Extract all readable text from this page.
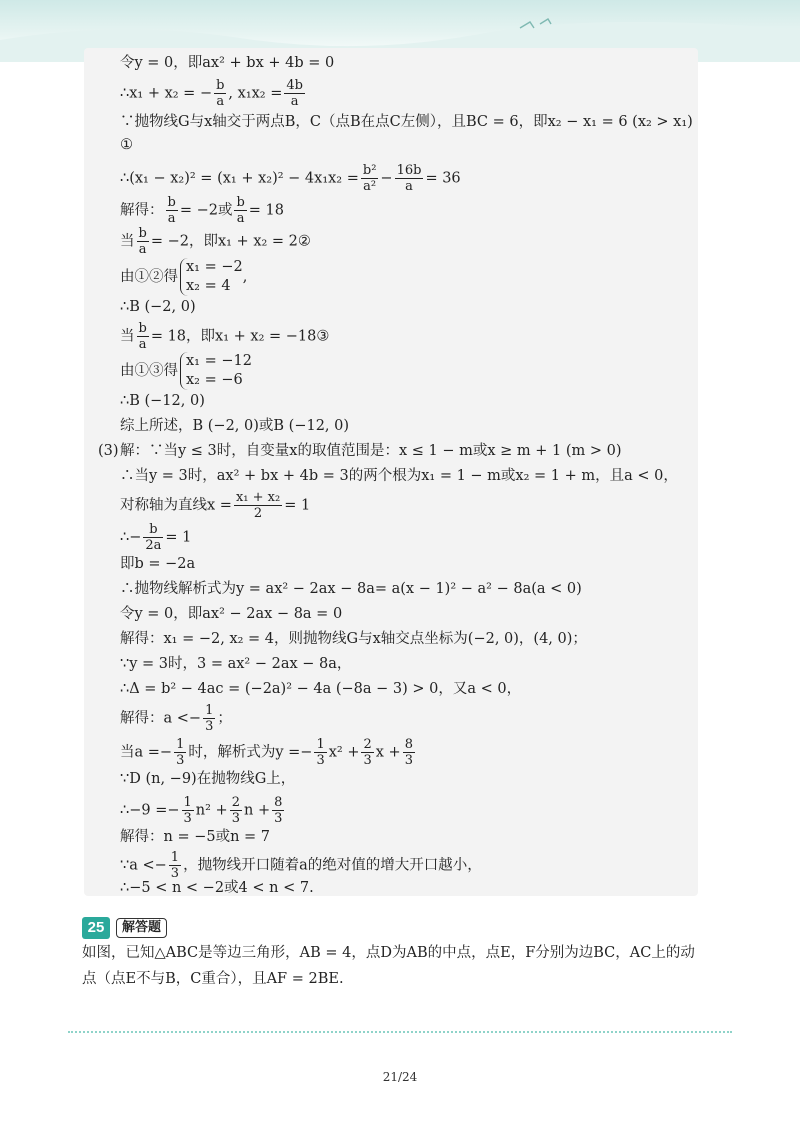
令y = 0，即ax² + bx + 4b = 0
∴x₁ + x₂ = − $\frac{b}{a}$ , $x_1x_2 = \frac{4b}{a}$
∵抛物线G与x轴交于两点B，C（点B在点C左侧），且BC = 6，即x₂ − x₁ = 6 (x₂ > x₁)
①
∴(x₁ − $x_2)^2 = (x_1 + x_2)^2 - 4x_1x_2 = \frac{\text{b²}}{\text{a²}} - \frac{16b}{a} = 36$
解得： $\frac{b}{a} = -2$或 $\frac{b}{a} = 18$
当 $\frac{b}{a} = -2$，即x₁ + x₂ = 2②
由①②得
x₁ = −2
x₂ = 4
,
∴B (−2, 0)
当 $\frac{b}{a} = 18$，即x₁ + x₂ = −18③
由①③得
x₁ = −12
x₂ = −6
∴B (−12, 0)
综上所述，B (−2, 0)或B (−12, 0)
(3) 解：∵当y ≤ 3时，自变量x的取值范围是：x ≤ 1 − m或x ≥ m + 1 (m > 0)
∴当y = 3时，ax² + bx + 4b = 3的两个根为x₁ = 1 − m或x₂ = 1 + m，且a < 0，
对称轴为直线$x = \frac{\text{x₁ + x₂}}{2} = 1$
∴− $\frac{b}{2a} = 1$
即b = −2a
∴抛物线解析式为y = ax² − 2ax − 8a= a(x − 1)² − a² − 8a(a < 0)
令y = 0，即ax² − 2ax − 8a = 0
解得：x₁ = −2, x₂ = 4，则抛物线G与x轴交点坐标为(−2, 0)，(4, 0)；
∵y = 3时，3 = ax² − 2ax − 8a，
∴Δ = b² − 4ac = (−2a)² − 4a (−8a − 3) > 0，又a < 0，
解得：$a <- \frac{1}{3}$ ；
当$a =- \frac{1}{3}$ 时，解析式为$y =- \frac{1}{3} x^2 + \frac{2}{3}$ $x + \frac{8}{3}$
∵D (n, −9)在抛物线G上，
∴−9 =− $\frac{1}{3} n^2 + \frac{2}{3}$ $n + \frac{8}{3}$
解得：n = −5或n = 7
∵a <− $\frac{1}{3}$ ，抛物线开口随着a的绝对值的增大开口越小，
∴−5 < n < −2或4 < n < 7.
25	解答题
如图，已知△ABC是等边三角形，AB = 4，点D为AB的中点，点E，F分别为边BC，AC上的动
点（点E不与B，C重合），且AF = 2BE.
21/24
